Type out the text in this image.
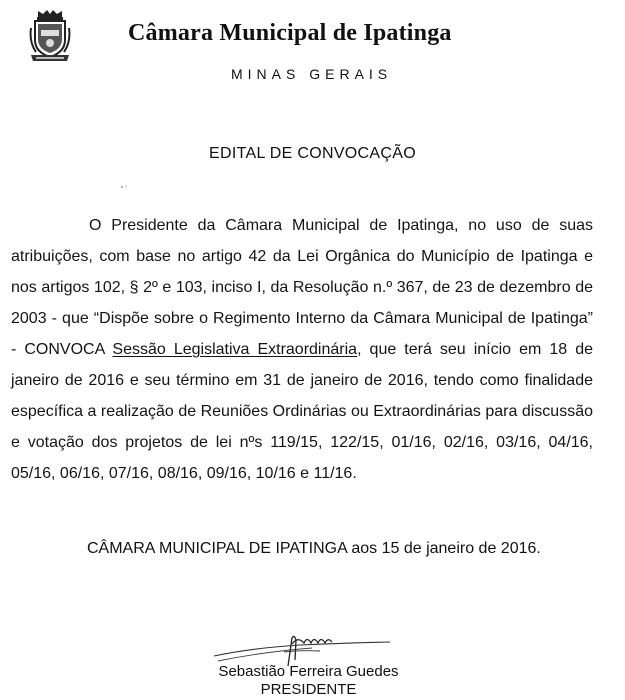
Câmara Municipal de Ipatinga
MINAS GERAIS
EDITAL DE CONVOCAÇÃO
O Presidente da Câmara Municipal de Ipatinga, no uso de suas atribuições, com base no artigo 42 da Lei Orgânica do Município de Ipatinga e nos artigos 102, § 2º e 103, inciso I, da Resolução n.º 367, de 23 de dezembro de 2003 - que “Dispõe sobre o Regimento Interno da Câmara Municipal de Ipatinga” - CONVOCA Sessão Legislativa Extraordinária, que terá seu início em 18 de janeiro de 2016 e seu término em 31 de janeiro de 2016, tendo como finalidade específica a realização de Reuniões Ordinárias ou Extraordinárias para discussão e votação dos projetos de lei nºs 119/15, 122/15, 01/16, 02/16, 03/16, 04/16, 05/16, 06/16, 07/16, 08/16, 09/16, 10/16 e 11/16.
CÂMARA MUNICIPAL DE IPATINGA aos 15 de janeiro de 2016.
Sebastião Ferreira Guedes
PRESIDENTE
